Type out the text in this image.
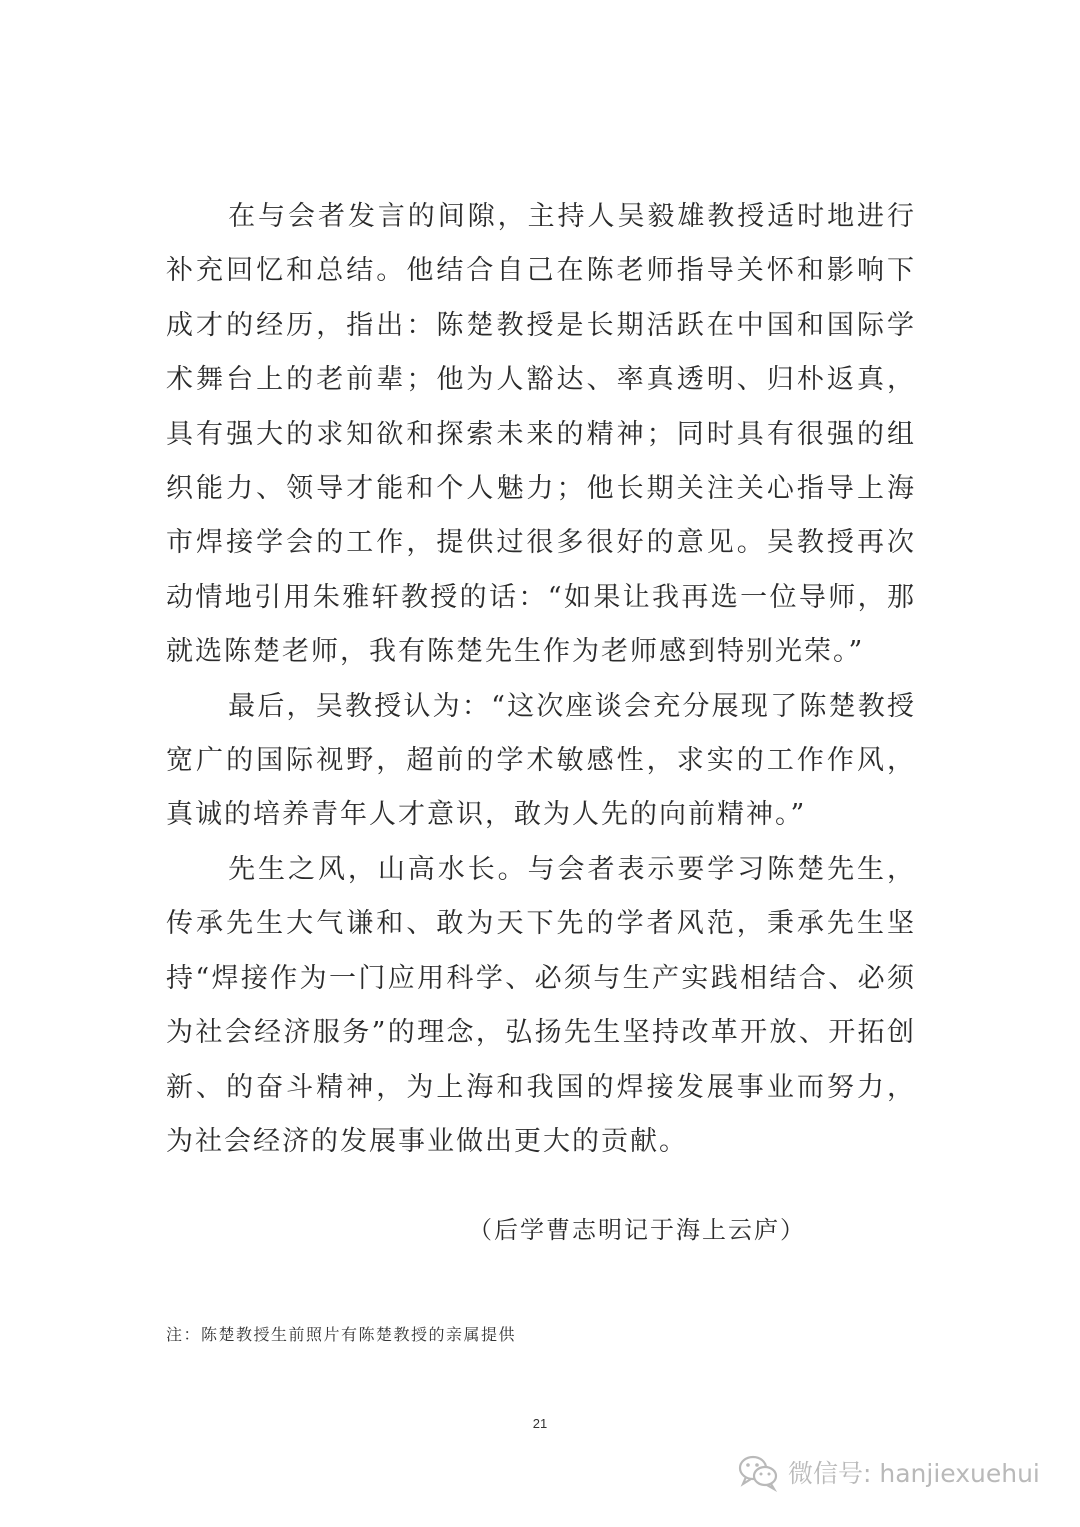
在与会者发言的间隙，主持人吴毅雄教授适时地进行补充回忆和总结。他结合自己在陈老师指导关怀和影响下成才的经历，指出：陈楚教授是长期活跃在中国和国际学术舞台上的老前辈；他为人豁达、率真透明、归朴返真，具有强大的求知欲和探索未来的精神；同时具有很强的组织能力、领导才能和个人魅力；他长期关注关心指导上海市焊接学会的工作，提供过很多很好的意见。吴教授再次动情地引用朱雅轩教授的话：“如果让我再选一位导师，那就选陈楚老师，我有陈楚先生作为老师感到特别光荣。”

最后，吴教授认为：“这次座谈会充分展现了陈楚教授宽广的国际视野，超前的学术敏感性，求实的工作作风，真诚的培养青年人才意识，敢为人先的向前精神。”

先生之风，山高水长。与会者表示要学习陈楚先生，传承先生大气谦和、敢为天下先的学者风范，秉承先生坚持“焊接作为一门应用科学、必须与生产实践相结合、必须为社会经济服务”的理念，弘扬先生坚持改革开放、开拓创新、的奋斗精神，为上海和我国的焊接发展事业而努力，为社会经济的发展事业做出更大的贡献。

（后学曹志明记于海上云庐）
注：陈楚教授生前照片有陈楚教授的亲属提供
21
微信号: hanjiexuehui
